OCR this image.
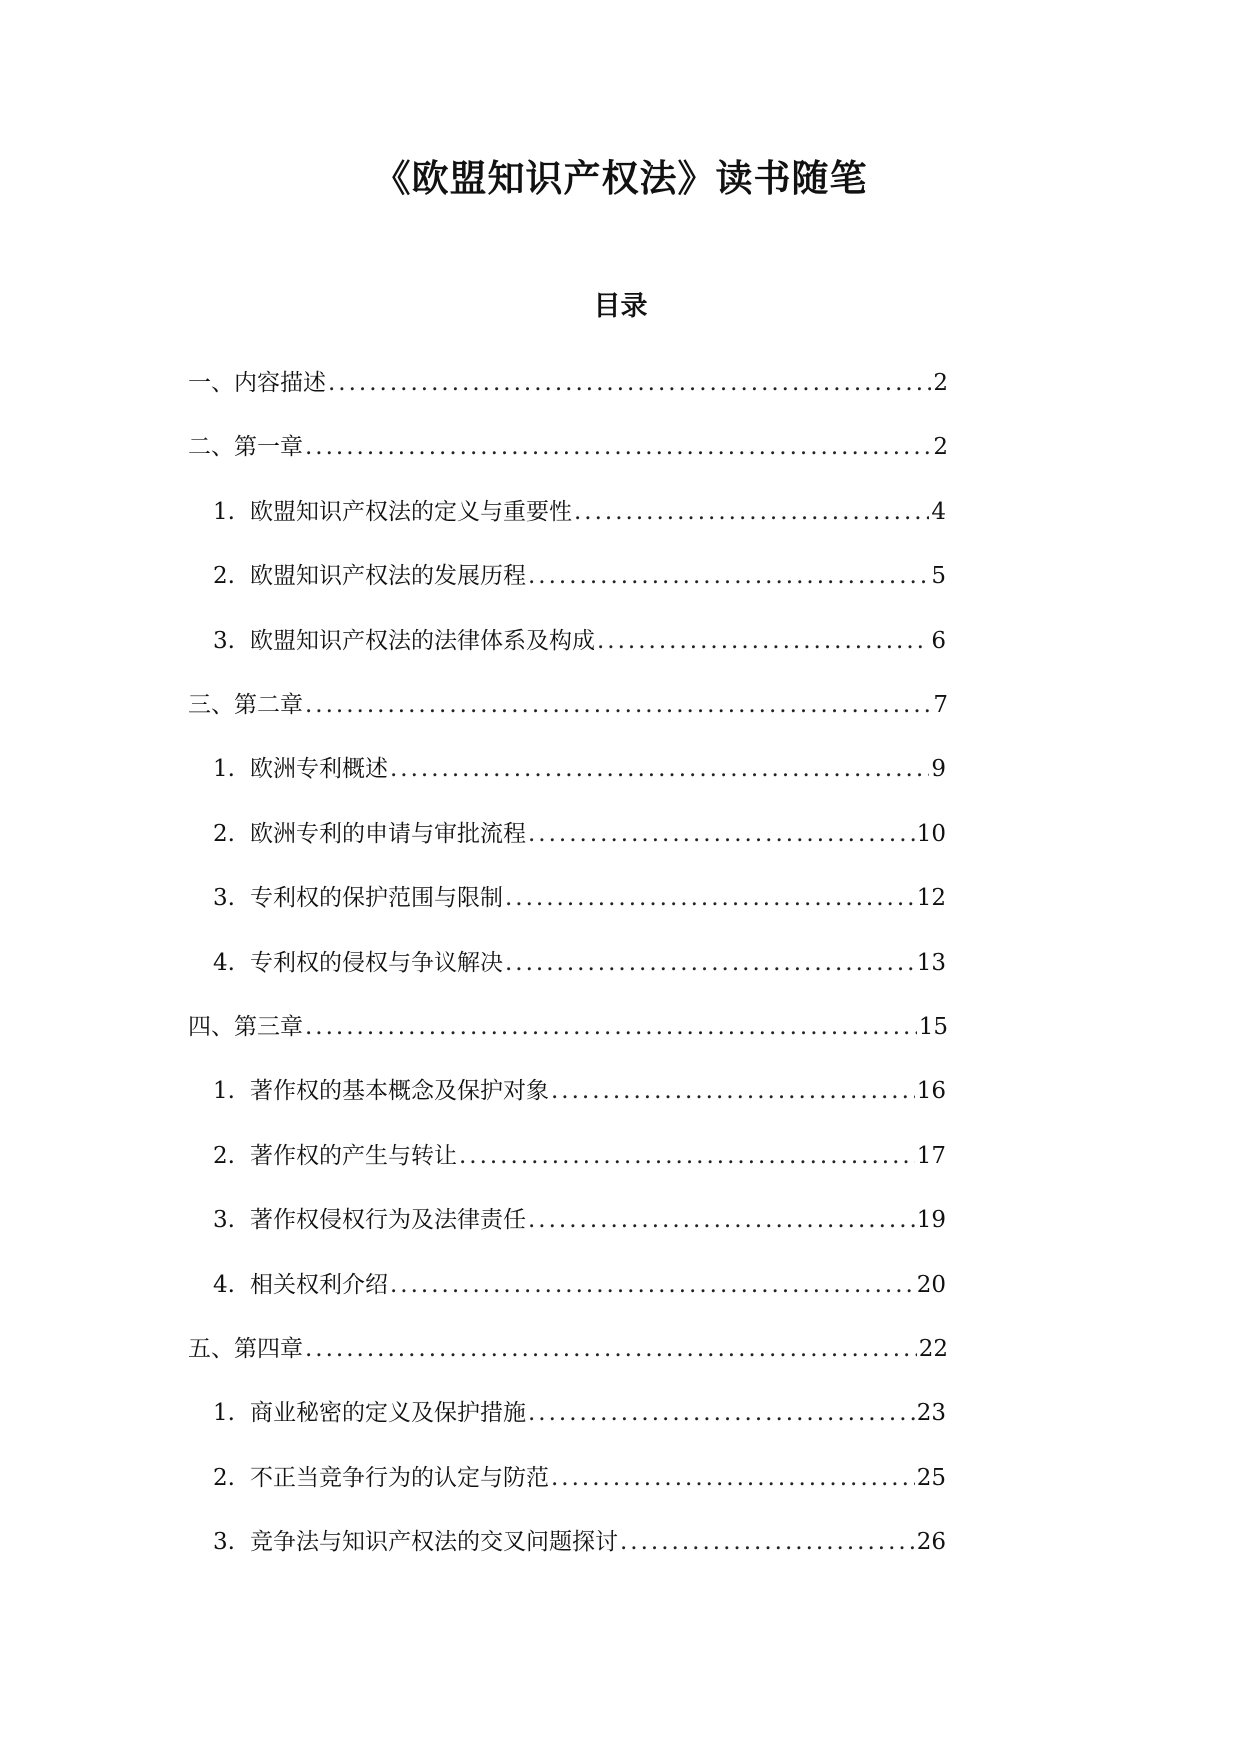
《欧盟知识产权法》读书随笔
目录
一、内容描述 .....	2
二、第一章 .....	2
1. 欧盟知识产权法的定义与重要性 .....	4
2. 欧盟知识产权法的发展历程 .....	5
3. 欧盟知识产权法的法律体系及构成 .....	6
三、第二章 .....	7
1. 欧洲专利概述 .....	9
2. 欧洲专利的申请与审批流程 .....	10
3. 专利权的保护范围与限制 .....	12
4. 专利权的侵权与争议解决 .....	13
四、第三章 .....	15
1. 著作权的基本概念及保护对象 .....	16
2. 著作权的产生与转让 .....	17
3. 著作权侵权行为及法律责任 .....	19
4. 相关权利介绍 .....	20
五、第四章 .....	22
1. 商业秘密的定义及保护措施 .....	23
2. 不正当竞争行为的认定与防范 .....	25
3. 竞争法与知识产权法的交叉问题探讨 .....	26
